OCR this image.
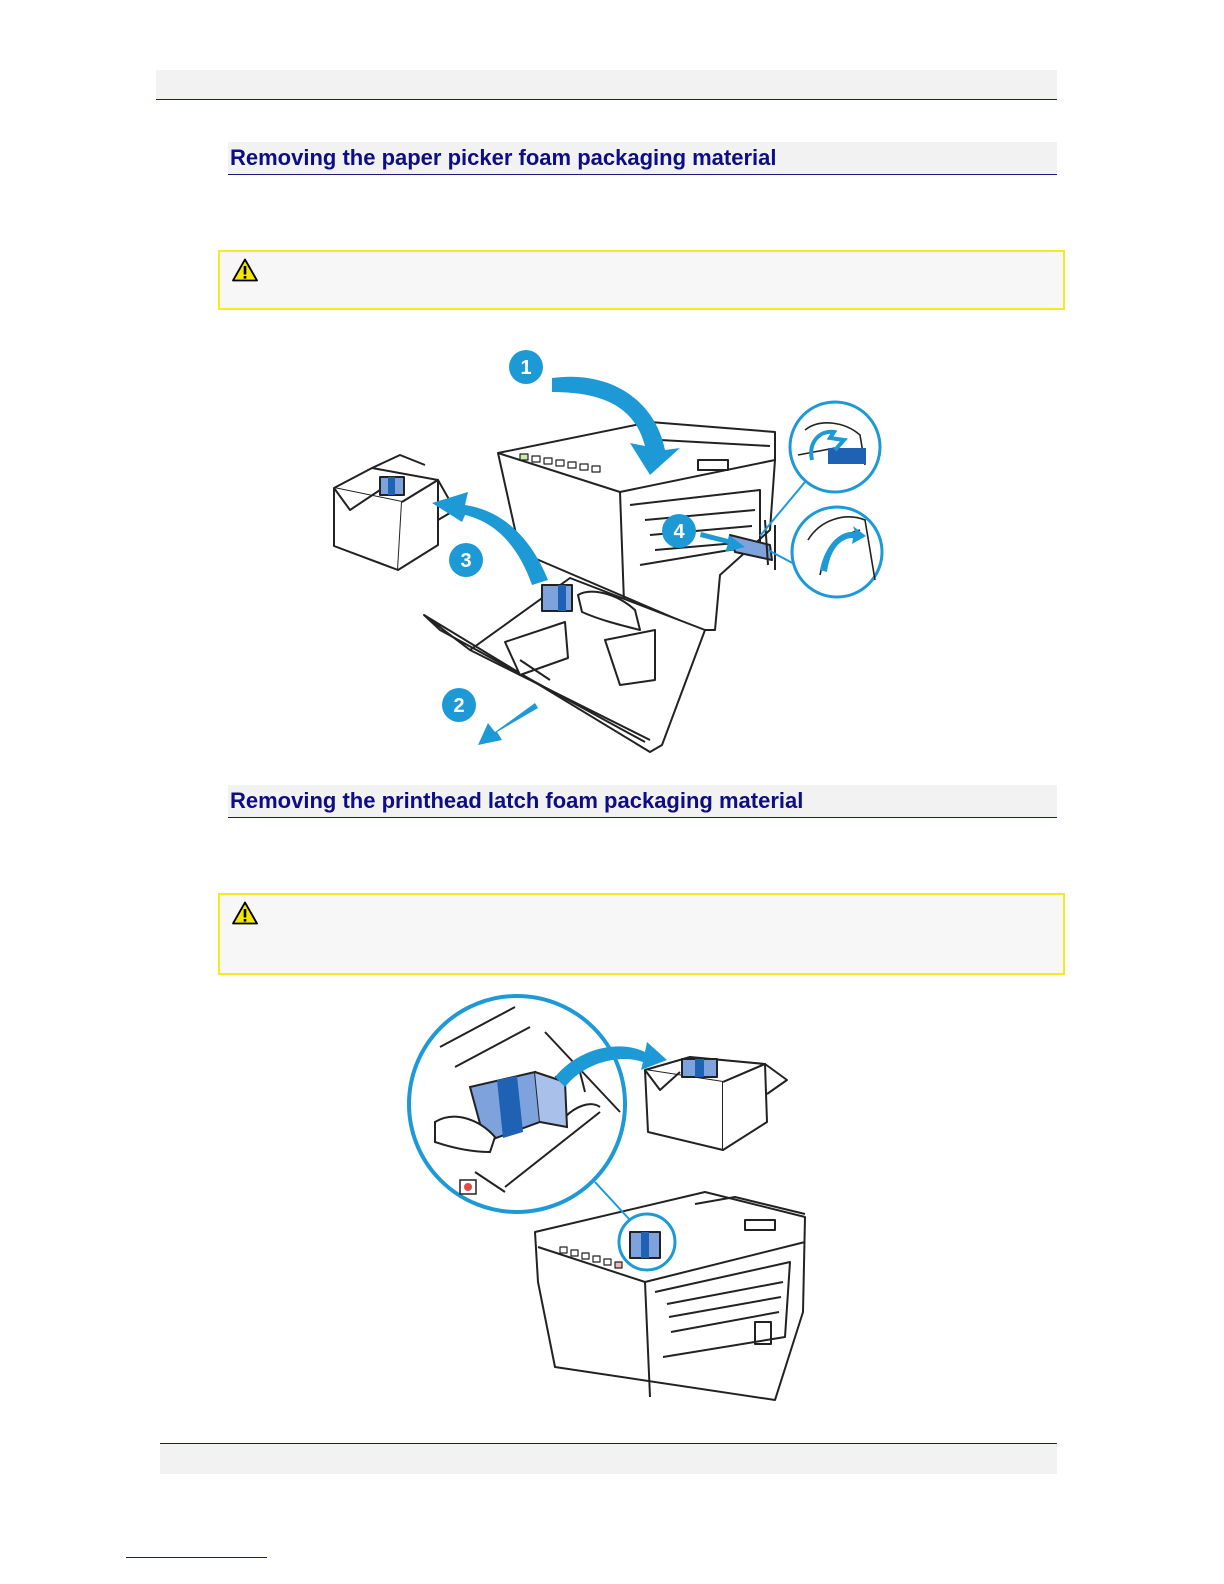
Removing the paper picker foam packaging material
1
2
3
4
Removing the printhead latch foam packaging material
